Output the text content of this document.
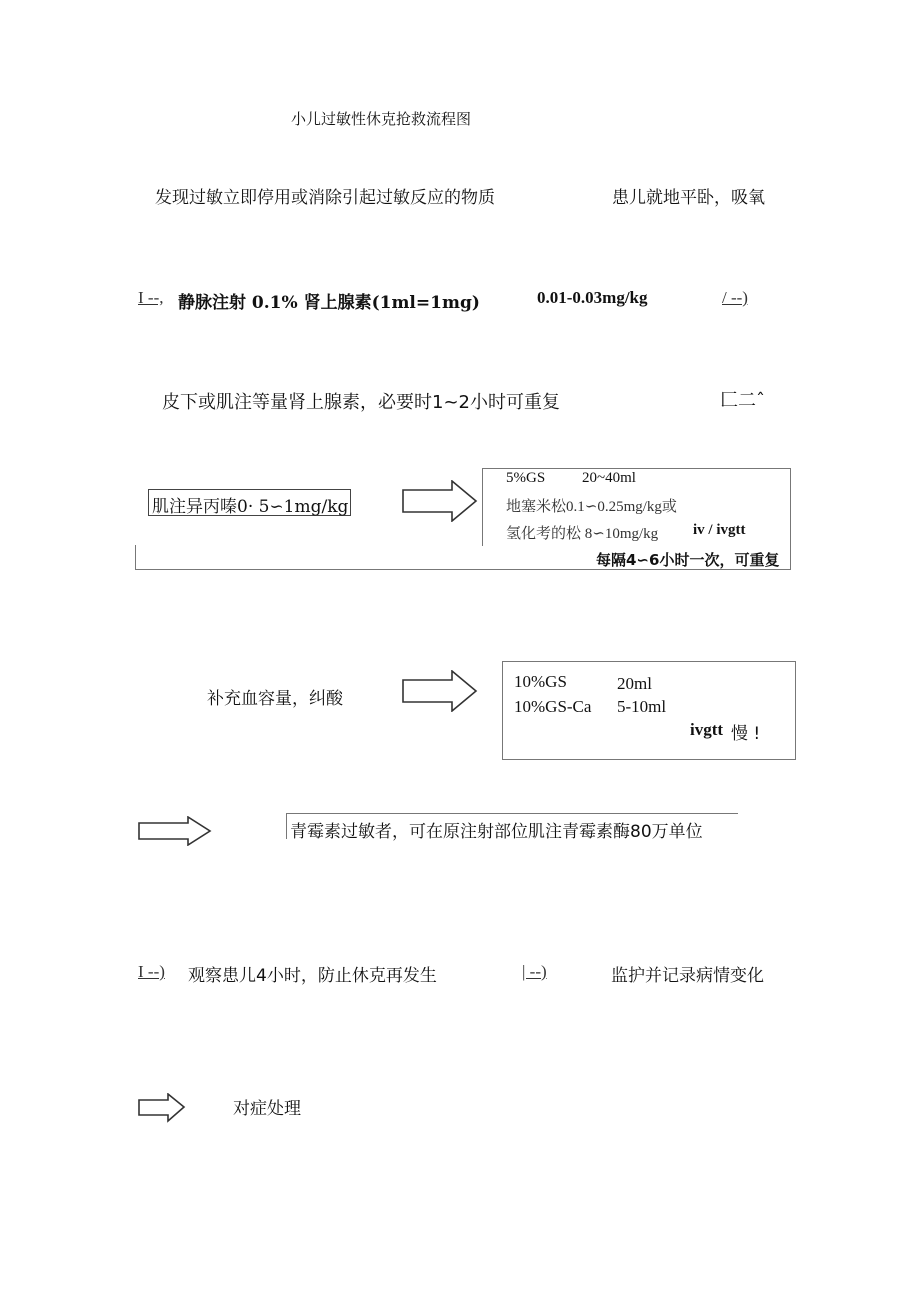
小儿过敏性休克抢救流程图
发现过敏立即停用或消除引起过敏反应的物质	患儿就地平卧，吸氧
I --, 静脉注射 0.1% 肾上腺素(1ml=1mg)	0.01-0.03mg/kg	/ --)
皮下或肌注等量肾上腺素，必要时1~2小时可重复	匚二ˆ
肌注异丙嗪0· 5∽1mg/kg
5%GS 20~40ml
地塞米松0.1∽0.25mg/kg或
氢化考的松 8∽10mg/kg iv / ivgtt
每隔4∽6小时一次，可重复
补充血容量，纠酸
10%GS	20ml
10%GS-Ca 5-10ml
ivgtt 慢 !
青霉素过敏者，可在原注射部位肌注青霉素酶80万单位
I --) 观察患儿4小时，防止休克再发生	| --)	监护并记录病情变化
对症处理
